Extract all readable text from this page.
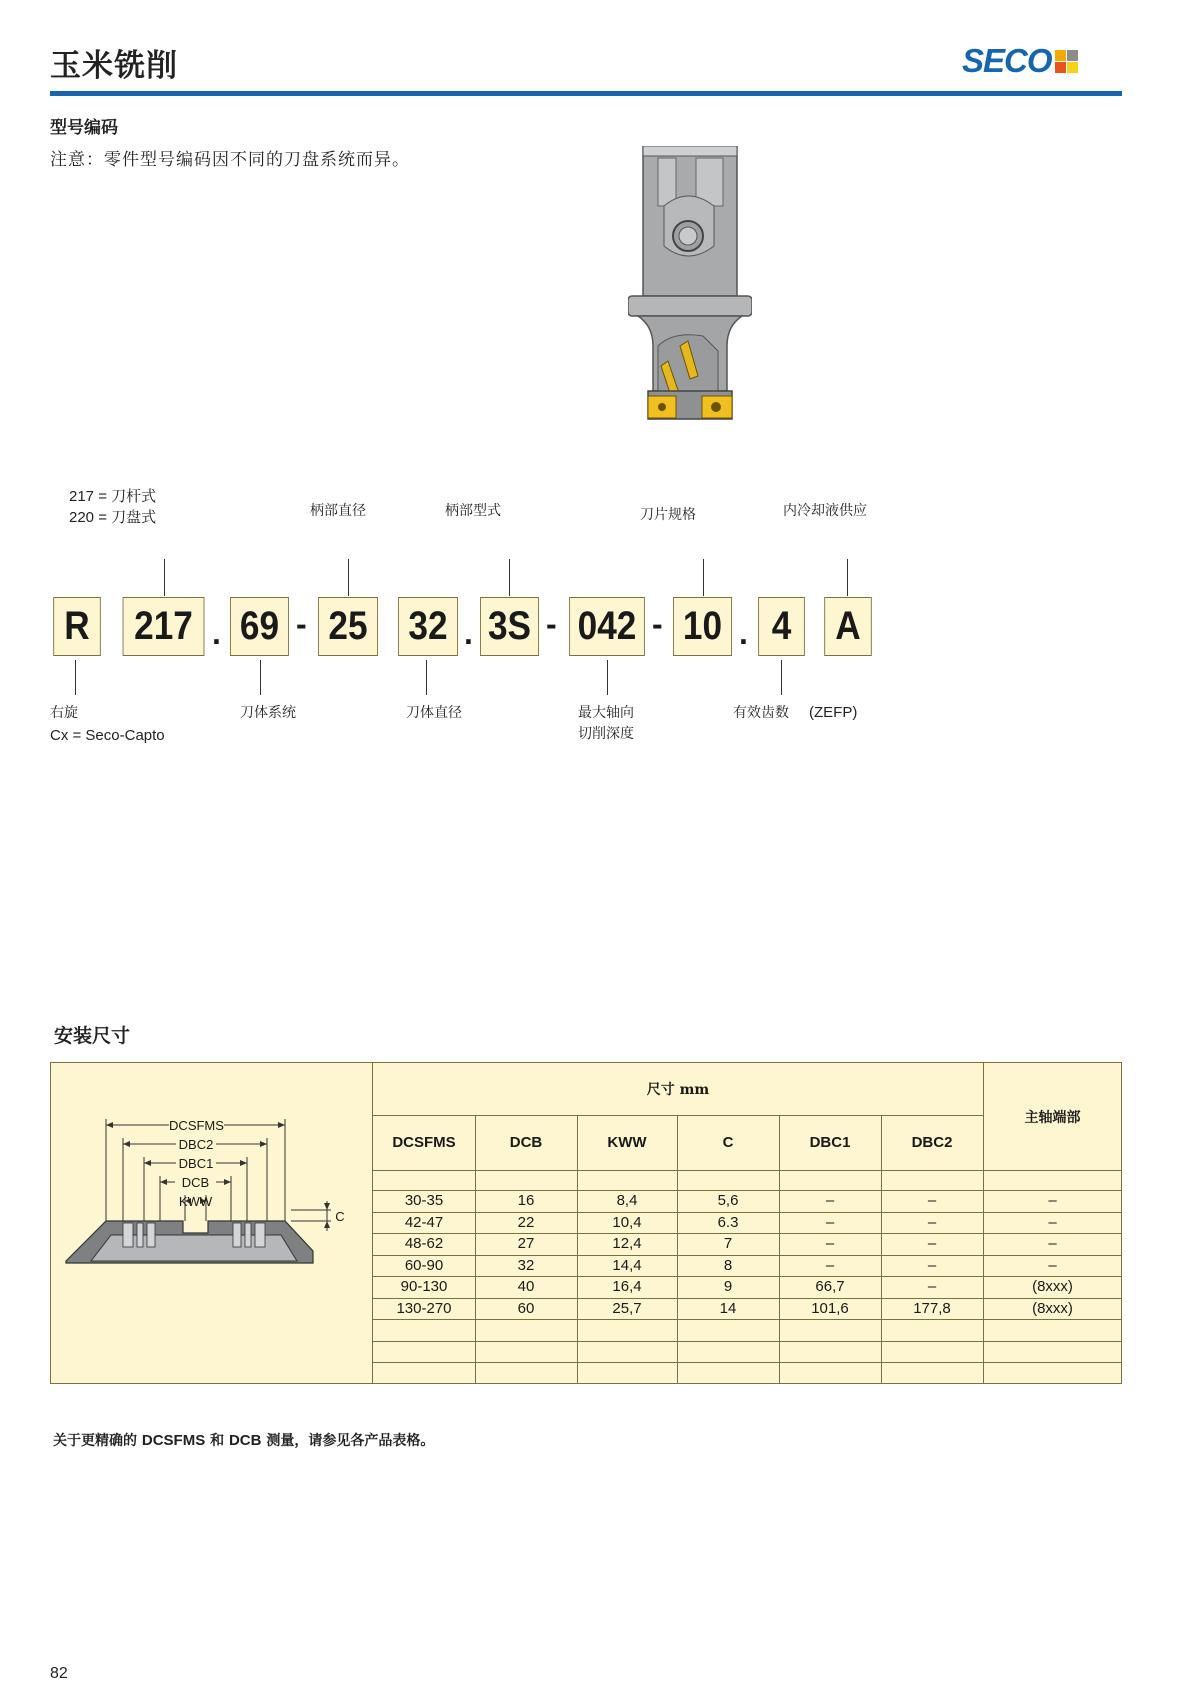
玉米铣削	SECO
型号编码
注意：零件型号编码因不同的刀盘系统而异。
217 = 刀杆式
220 = 刀盘式	柄部直径	柄部型式	刀片规格	内冷却液供应
R 217 . 69 - 25 32 . 3S - 042 - 10 . 4	A
右旋
Cx = Seco-Capto
刀体系统	刀体直径	最大轴向
切削深度
有效齿数 (ZEFP)
安装尺寸
DCSFMS
DBC2
DBC1
DCB
KWW
C
尺寸 mm
主轴端部
DCSFMS	DCB	KWW	C	DBC1	DBC2
30-35	16	8,4	5,6	–	–	–
42-47	22	10,4	6.3	–	–	–
48-62	27	12,4	7	–	–	–
60-90	32	14,4	8	–	–	–
90-130	40	16,4	9	66,7	–	(8xxx)
130-270	60	25,7	14	101,6	177,8	(8xxx)
关于更精确的 DCSFMS 和 DCB 测量，请参见各产品表格。
82
